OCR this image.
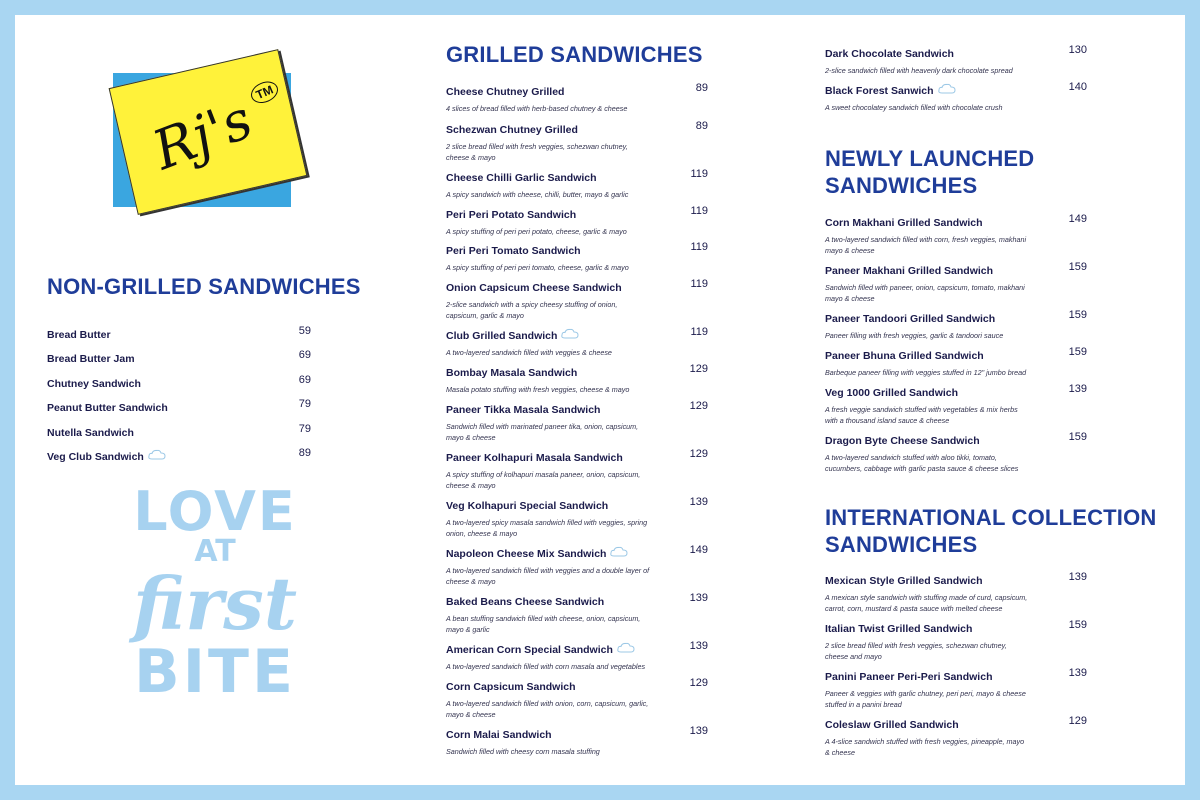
Rj's
TM
NON-GRILLED SANDWICHES
Bread Butter	59
Bread Butter Jam	69
Chutney Sandwich	69
Peanut Butter Sandwich	79
Nutella Sandwich	79
Veg Club Sandwich	89
LOVE
AT
first
BITE
GRILLED SANDWICHES
Cheese Chutney Grilled	89
4 slices of bread filled with herb-based chutney & cheese
Schezwan Chutney Grilled	89
2 slice bread filled with fresh veggies, schezwan chutney, cheese & mayo
Cheese Chilli Garlic Sandwich	119
A spicy sandwich with cheese, chilli, butter, mayo & garlic
Peri Peri Potato Sandwich	119
A spicy stuffing of peri peri potato, cheese, garlic & mayo
Peri Peri Tomato Sandwich	119
A spicy stuffing of peri peri tomato, cheese, garlic & mayo
Onion Capsicum Cheese Sandwich	119
2-slice sandwich with a spicy cheesy stuffing of onion, capsicum, garlic & mayo
Club Grilled Sandwich	119
A two-layered sandwich filled with veggies & cheese
Bombay Masala Sandwich	129
Masala potato stuffing with fresh veggies, cheese & mayo
Paneer Tikka Masala Sandwich	129
Sandwich filled with marinated paneer tika, onion, capsicum, mayo & cheese
Paneer Kolhapuri Masala Sandwich	129
A spicy stuffing of kolhapuri masala paneer, onion, capsicum, cheese & mayo
Veg Kolhapuri Special Sandwich	139
A two-layered spicy masala sandwich filled with veggies, spring onion, cheese & mayo
Napoleon Cheese Mix Sandwich	149
A two-layered sandwich filled with veggies and a double layer of cheese & mayo
Baked Beans Cheese Sandwich	139
A bean stuffing sandwich filled with cheese, onion, capsicum, mayo & garlic
American Corn Special Sandwich	139
A two-layered sandwich filled with corn masala and vegetables
Corn Capsicum Sandwich	129
A two-layered sandwich filled with onion, corn, capsicum, garlic, mayo & cheese
Corn Malai Sandwich	139
Sandwich filled with cheesy corn masala stuffing
Dark Chocolate Sandwich	130
2-slice sandwich filled with heavenly dark chocolate spread
Black Forest Sanwich	140
A sweet chocolatey sandwich filled with chocolate crush
NEWLY LAUNCHED
SANDWICHES
Corn Makhani Grilled Sandwich	149
A two-layered sandwich filled with corn, fresh veggies, makhani mayo & cheese
Paneer Makhani Grilled Sandwich	159
Sandwich filled with paneer, onion, capsicum, tomato, makhani mayo & cheese
Paneer Tandoori Grilled Sandwich	159
Paneer filling with fresh veggies, garlic & tandoori sauce
Paneer Bhuna Grilled Sandwich	159
Barbeque paneer filling with veggies stuffed in 12" jumbo bread
Veg 1000 Grilled Sandwich	139
A fresh veggie sandwich stuffed with vegetables & mix herbs with a thousand island sauce & cheese
Dragon Byte Cheese Sandwich	159
A two-layered sandwich stuffed with aloo tikki, tomato, cucumbers, cabbage with garlic pasta sauce & cheese slices
INTERNATIONAL COLLECTION
SANDWICHES
Mexican Style Grilled Sandwich	139
A mexican style sandwich with stuffing made of curd, capsicum, carrot, corn, mustard & pasta sauce with melted cheese
Italian Twist Grilled Sandwich	159
2 slice bread filled with fresh veggies, schezwan chutney, cheese and mayo
Panini Paneer Peri-Peri Sandwich	139
Paneer & veggies with garlic chutney, peri peri, mayo & cheese stuffed in a panini bread
Coleslaw Grilled Sandwich	129
A 4-slice sandwich stuffed with fresh veggies, pineapple, mayo & cheese
